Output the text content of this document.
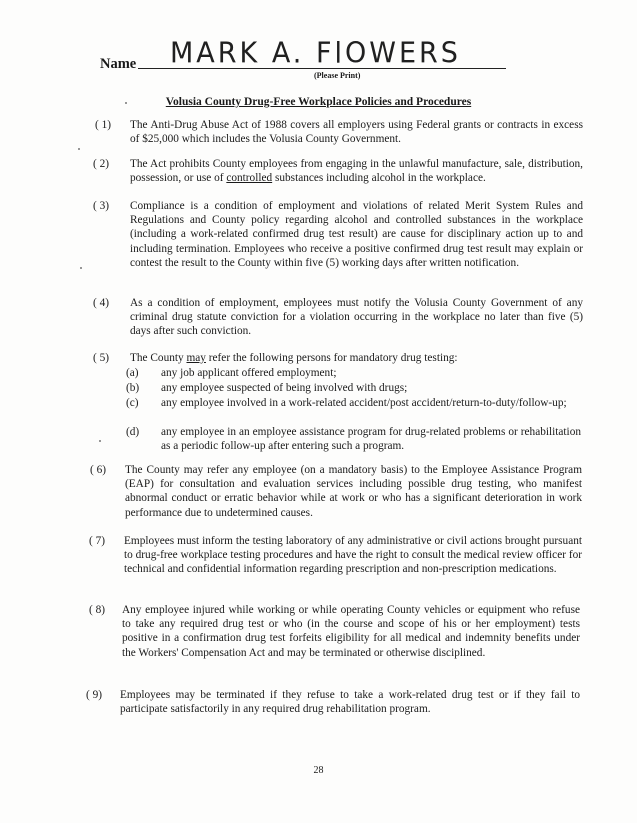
Name MARK A. FlOWERS
(Please Print)
Volusia County Drug-Free Workplace Policies and Procedures
( 1) The Anti-Drug Abuse Act of 1988 covers all employers using Federal grants or contracts in excess of $25,000 which includes the Volusia County Government.
( 2) The Act prohibits County employees from engaging in the unlawful manufacture, sale, distribution, possession, or use of controlled substances including alcohol in the workplace.
( 3) Compliance is a condition of employment and violations of related Merit System Rules and Regulations and County policy regarding alcohol and controlled substances in the workplace (including a work-related confirmed drug test result) are cause for disciplinary action up to and including termination. Employees who receive a positive confirmed drug test result may explain or contest the result to the County within five (5) working days after written notification.
( 4) As a condition of employment, employees must notify the Volusia County Government of any criminal drug statute conviction for a violation occurring in the workplace no later than five (5) days after such conviction.
( 5) The County may refer the following persons for mandatory drug testing:
(a) any job applicant offered employment;
(b) any employee suspected of being involved with drugs;
(c) any employee involved in a work-related accident/post accident/return-to-duty/follow-up;
(d) any employee in an employee assistance program for drug-related problems or rehabilitation as a periodic follow-up after entering such a program.
( 6) The County may refer any employee (on a mandatory basis) to the Employee Assistance Program (EAP) for consultation and evaluation services including possible drug testing, who manifest abnormal conduct or erratic behavior while at work or who has a significant deterioration in work performance due to undetermined causes.
( 7) Employees must inform the testing laboratory of any administrative or civil actions brought pursuant to drug-free workplace testing procedures and have the right to consult the medical review officer for technical and confidential information regarding prescription and non-prescription medications.
( 8) Any employee injured while working or while operating County vehicles or equipment who refuse to take any required drug test or who (in the course and scope of his or her employment) tests positive in a confirmation drug test forfeits eligibility for all medical and indemnity benefits under the Workers' Compensation Act and may be terminated or otherwise disciplined.
( 9) Employees may be terminated if they refuse to take a work-related drug test or if they fail to participate satisfactorily in any required drug rehabilitation program.
28
